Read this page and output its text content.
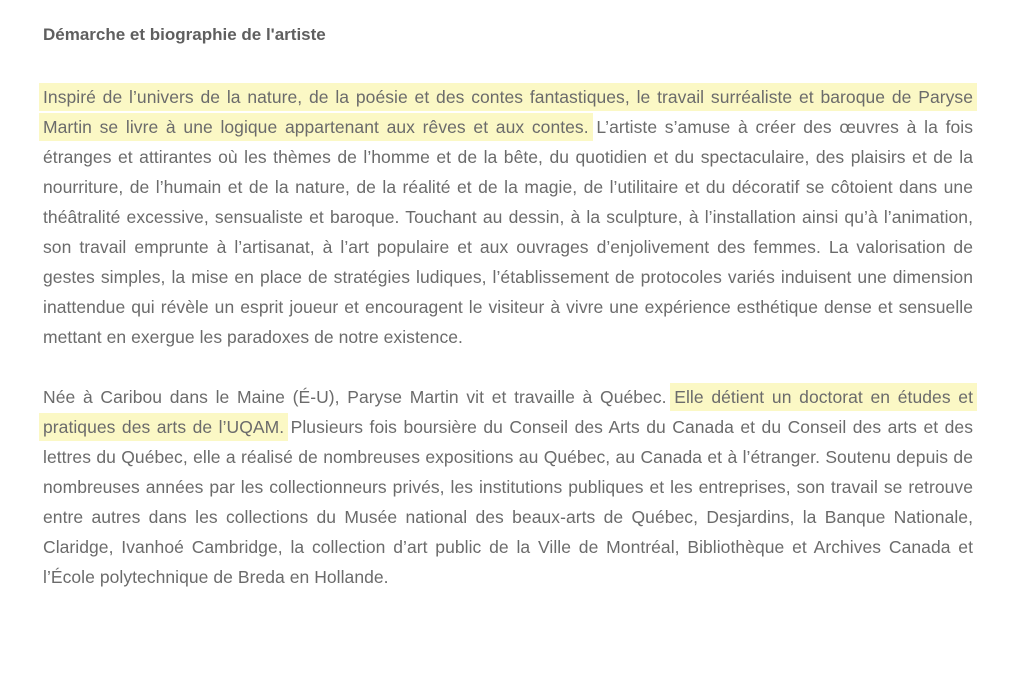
Démarche et biographie de l'artiste

Inspiré de l’univers de la nature, de la poésie et des contes fantastiques, le travail surréaliste et baroque de Paryse Martin se livre à une logique appartenant aux rêves et aux contes. L’artiste s’amuse à créer des œuvres à la fois étranges et attirantes où les thèmes de l’homme et de la bête, du quotidien et du spectaculaire, des plaisirs et de la nourriture, de l’humain et de la nature, de la réalité et de la magie, de l’utilitaire et du décoratif se côtoient dans une théâtralité excessive, sensualiste et baroque. Touchant au dessin, à la sculpture, à l’installation ainsi qu’à l’animation, son travail emprunte à l’artisanat, à l’art populaire et aux ouvrages d’enjolivement des femmes. La valorisation de gestes simples, la mise en place de stratégies ludiques, l’établissement de protocoles variés induisent une dimension inattendue qui révèle un esprit joueur et encouragent le visiteur à vivre une expérience esthétique dense et sensuelle mettant en exergue les paradoxes de notre existence.

Née à Caribou dans le Maine (É-U), Paryse Martin vit et travaille à Québec. Elle détient un doctorat en études et pratiques des arts de l’UQAM. Plusieurs fois boursière du Conseil des Arts du Canada et du Conseil des arts et des lettres du Québec, elle a réalisé de nombreuses expositions au Québec, au Canada et à l’étranger. Soutenu depuis de nombreuses années par les collectionneurs privés, les institutions publiques et les entreprises, son travail se retrouve entre autres dans les collections du Musée national des beaux-arts de Québec, Desjardins, la Banque Nationale, Claridge, Ivanhoé Cambridge, la collection d’art public de la Ville de Montréal, Bibliothèque et Archives Canada et l’École polytechnique de Breda en Hollande.
